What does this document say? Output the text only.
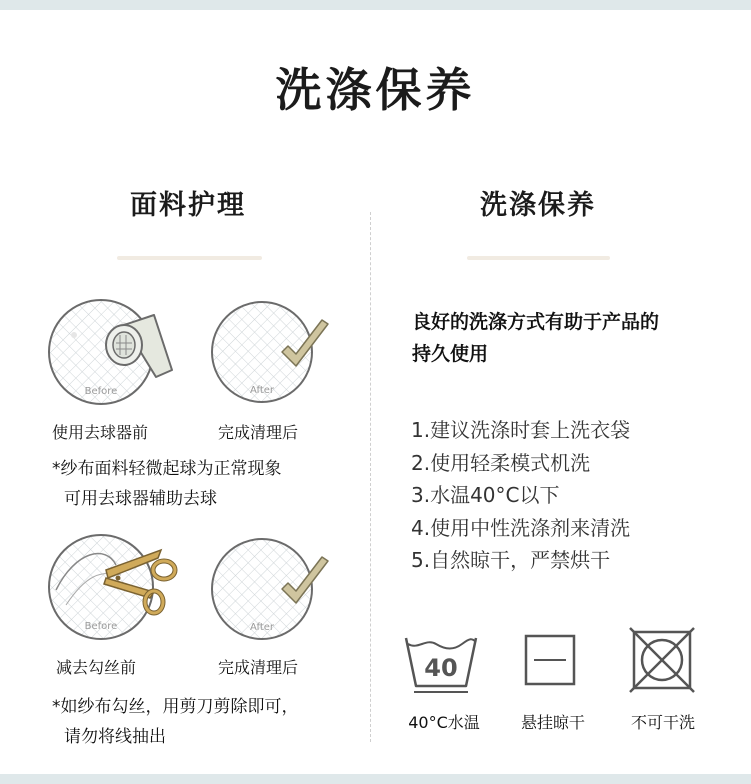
洗涤保养
面料护理	洗涤保养
Before
使用去球器前
After
完成清理后
*纱布面料轻微起球为正常现象
可用去球器辅助去球
Before
减去勾丝前
After
完成清理后
*如纱布勾丝，用剪刀剪除即可，
请勿将线抽出
良好的洗涤方式有助于产品的
持久使用
1.建议洗涤时套上洗衣袋
2.使用轻柔模式机洗
3.水温40°C以下
4.使用中性洗涤剂来清洗
5.自然晾干，严禁烘干
40
40°C水温	悬挂晾干	不可干洗
